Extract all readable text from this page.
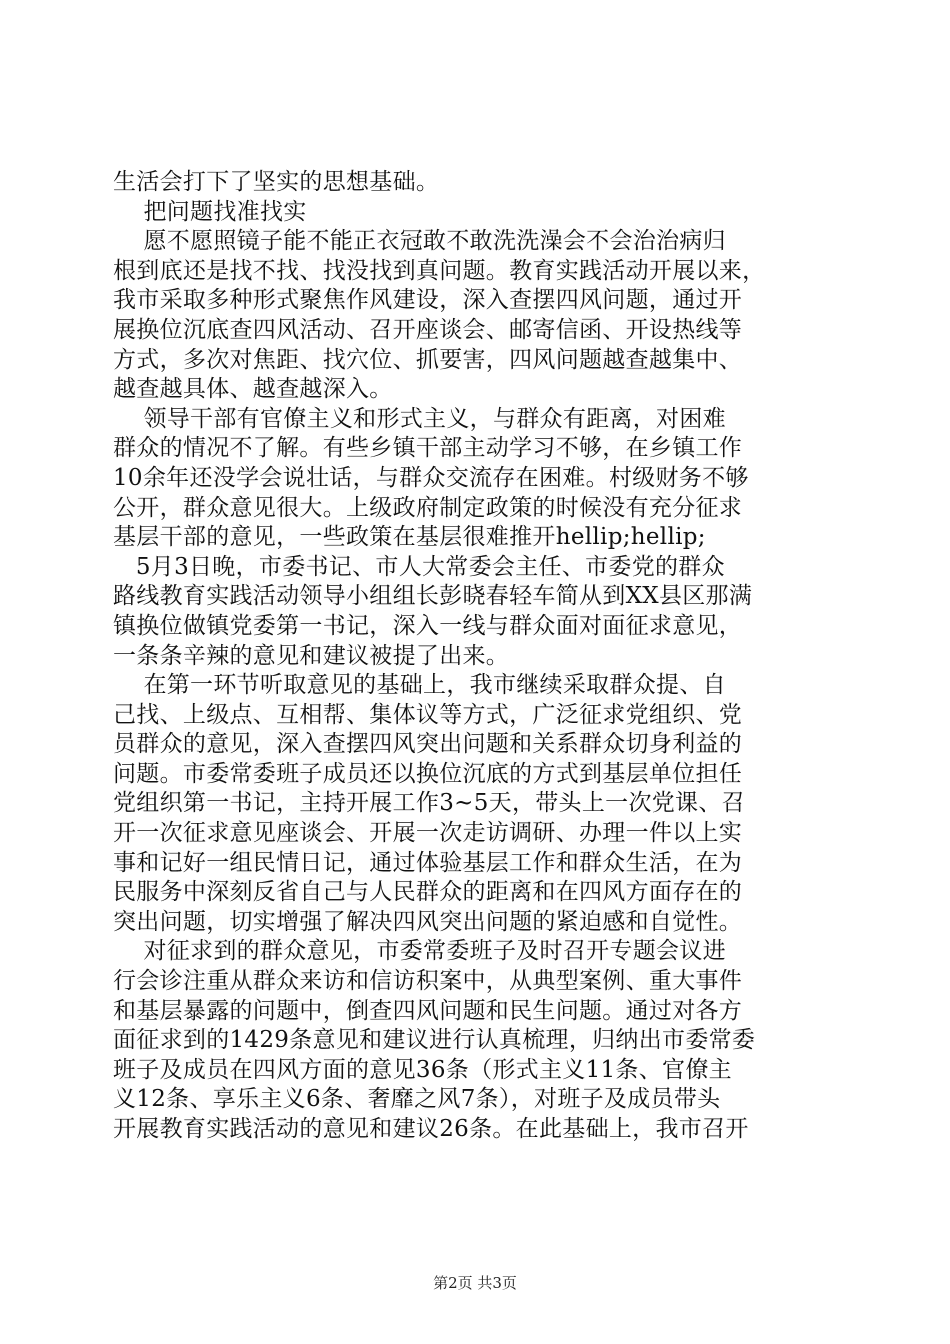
生活会打下了坚实的思想基础。
把问题找准找实
愿不愿照镜子能不能正衣冠敢不敢洗洗澡会不会治治病归
根到底还是找不找、找没找到真问题。教育实践活动开展以来，
我市采取多种形式聚焦作风建设，深入查摆四风问题，通过开
展换位沉底查四风活动、召开座谈会、邮寄信函、开设热线等
方式，多次对焦距、找穴位、抓要害，四风问题越查越集中、
越查越具体、越查越深入。
领导干部有官僚主义和形式主义，与群众有距离，对困难
群众的情况不了解。有些乡镇干部主动学习不够，在乡镇工作
10余年还没学会说壮话，与群众交流存在困难。村级财务不够
公开，群众意见很大。上级政府制定政策的时候没有充分征求
基层干部的意见，一些政策在基层很难推开hellip;hellip;
5月3日晚，市委书记、市人大常委会主任、市委党的群众
路线教育实践活动领导小组组长彭晓春轻车简从到XX县区那满
镇换位做镇党委第一书记，深入一线与群众面对面征求意见，
一条条辛辣的意见和建议被提了出来。
在第一环节听取意见的基础上，我市继续采取群众提、自
己找、上级点、互相帮、集体议等方式，广泛征求党组织、党
员群众的意见，深入查摆四风突出问题和关系群众切身利益的
问题。市委常委班子成员还以换位沉底的方式到基层单位担任
党组织第一书记，主持开展工作3~5天，带头上一次党课、召
开一次征求意见座谈会、开展一次走访调研、办理一件以上实
事和记好一组民情日记，通过体验基层工作和群众生活，在为
民服务中深刻反省自己与人民群众的距离和在四风方面存在的
突出问题，切实增强了解决四风突出问题的紧迫感和自觉性。
对征求到的群众意见，市委常委班子及时召开专题会议进
行会诊注重从群众来访和信访积案中，从典型案例、重大事件
和基层暴露的问题中，倒查四风问题和民生问题。通过对各方
面征求到的1429条意见和建议进行认真梳理，归纳出市委常委
班子及成员在四风方面的意见36条（形式主义11条、官僚主
义12条、享乐主义6条、奢靡之风7条），对班子及成员带头
开展教育实践活动的意见和建议26条。在此基础上，我市召开
第2页 共3页
